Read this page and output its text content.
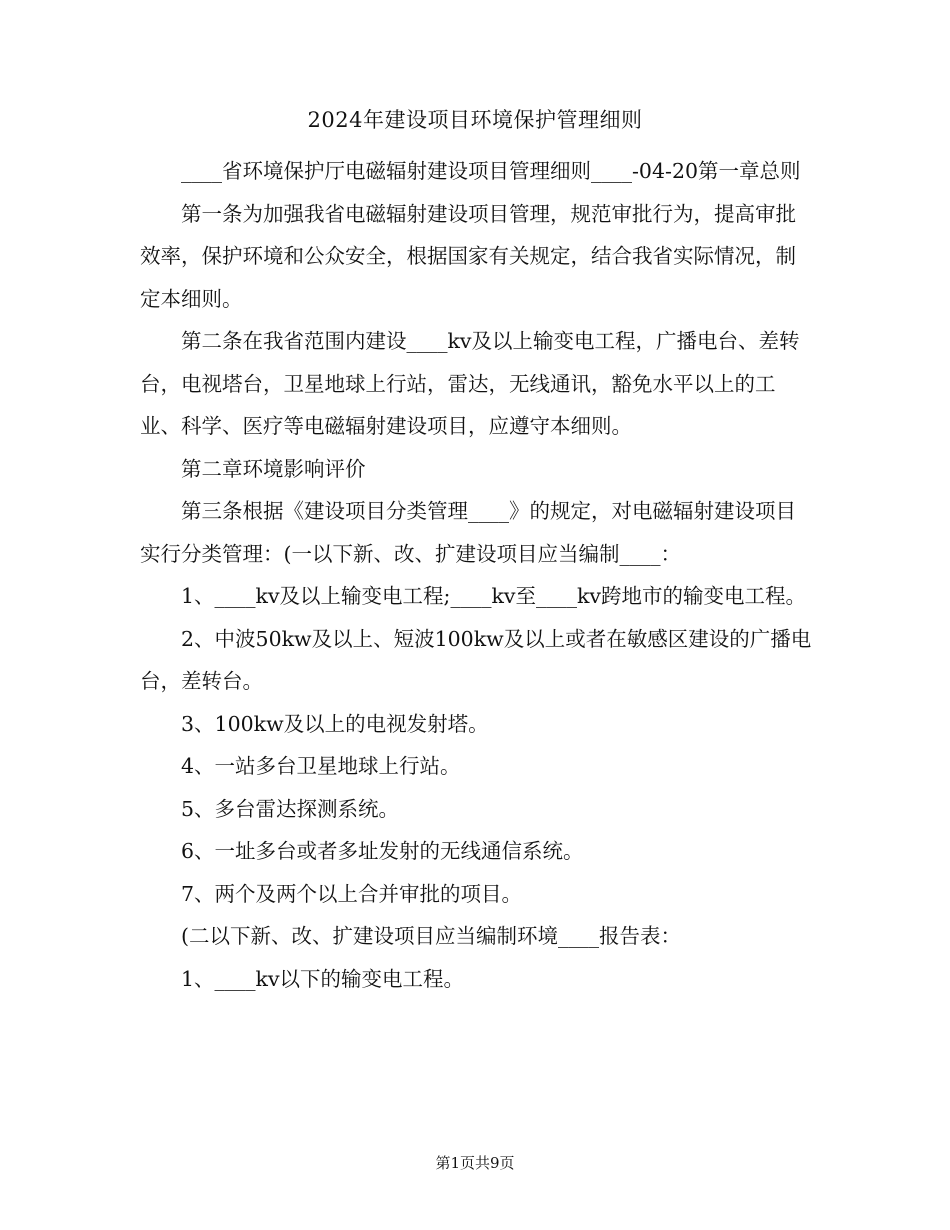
2024年建设项目环境保护管理细则

____省环境保护厅电磁辐射建设项目管理细则____-04-20第一章总则

第一条为加强我省电磁辐射建设项目管理，规范审批行为，提高审批效率，保护环境和公众安全，根据国家有关规定，结合我省实际情况，制定本细则。

第二条在我省范围内建设____kv及以上输变电工程，广播电台、差转台，电视塔台，卫星地球上行站，雷达，无线通讯，豁免水平以上的工业、科学、医疗等电磁辐射建设项目，应遵守本细则。

第二章环境影响评价

第三条根据《建设项目分类管理____》的规定，对电磁辐射建设项目实行分类管理：(一以下新、改、扩建设项目应当编制____：

1、____kv及以上输变电工程;____kv至____kv跨地市的输变电工程。

2、中波50kw及以上、短波100kw及以上或者在敏感区建设的广播电台，差转台。

3、100kw及以上的电视发射塔。

4、一站多台卫星地球上行站。

5、多台雷达探测系统。

6、一址多台或者多址发射的无线通信系统。

7、两个及两个以上合并审批的项目。

(二以下新、改、扩建设项目应当编制环境____报告表：

1、____kv以下的输变电工程。

第1页共9页
